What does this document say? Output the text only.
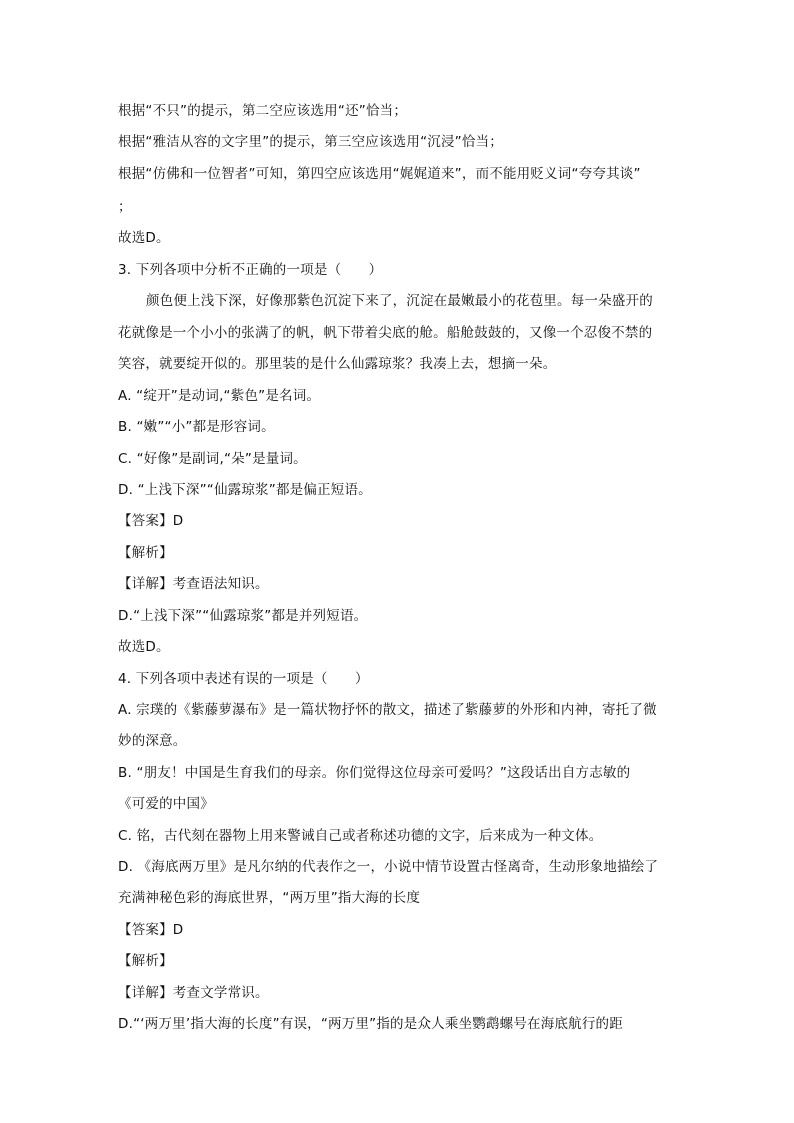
根据“不只”的提示，第二空应该选用“还”恰当；
根据“雅洁从容的文字里”的提示，第三空应该选用“沉浸”恰当；
根据“仿佛和一位智者”可知，第四空应该选用“娓娓道来”，而不能用贬义词“夸夸其谈”
；
故选D。
3. 下列各项中分析不正确的一项是（　　）
颜色便上浅下深，好像那紫色沉淀下来了，沉淀在最嫩最小的花苞里。每一朵盛开的
花就像是一个小小的张满了的帆，帆下带着尖底的舱。船舱鼓鼓的，又像一个忍俊不禁的
笑容，就要绽开似的。那里装的是什么仙露琼浆？我凑上去，想摘一朵。
A. “绽开”是动词,“紫色”是名词。
B. “嫩”“小”都是形容词。
C. “好像”是副词,“朵”是量词。
D. “上浅下深”“仙露琼浆”都是偏正短语。
【答案】D
【解析】
【详解】考查语法知识。
D.“上浅下深”“仙露琼浆”都是并列短语。
故选D。
4. 下列各项中表述有误的一项是（　　）
A. 宗璞的《紫藤萝瀑布》是一篇状物抒怀的散文，描述了紫藤萝的外形和内神，寄托了微
妙的深意。
B. “朋友！中国是生育我们的母亲。你们觉得这位母亲可爱吗？”这段话出自方志敏的
《可爱的中国》
C. 铭，古代刻在器物上用来警诫自己或者称述功德的文字，后来成为一种文体。
D. 《海底两万里》是凡尔纳的代表作之一，小说中情节设置古怪离奇，生动形象地描绘了
充满神秘色彩的海底世界，“两万里”指大海的长度
【答案】D
【解析】
【详解】考查文学常识。
D.“‘两万里’指大海的长度”有误，“两万里”指的是众人乘坐鹦鹉螺号在海底航行的距
